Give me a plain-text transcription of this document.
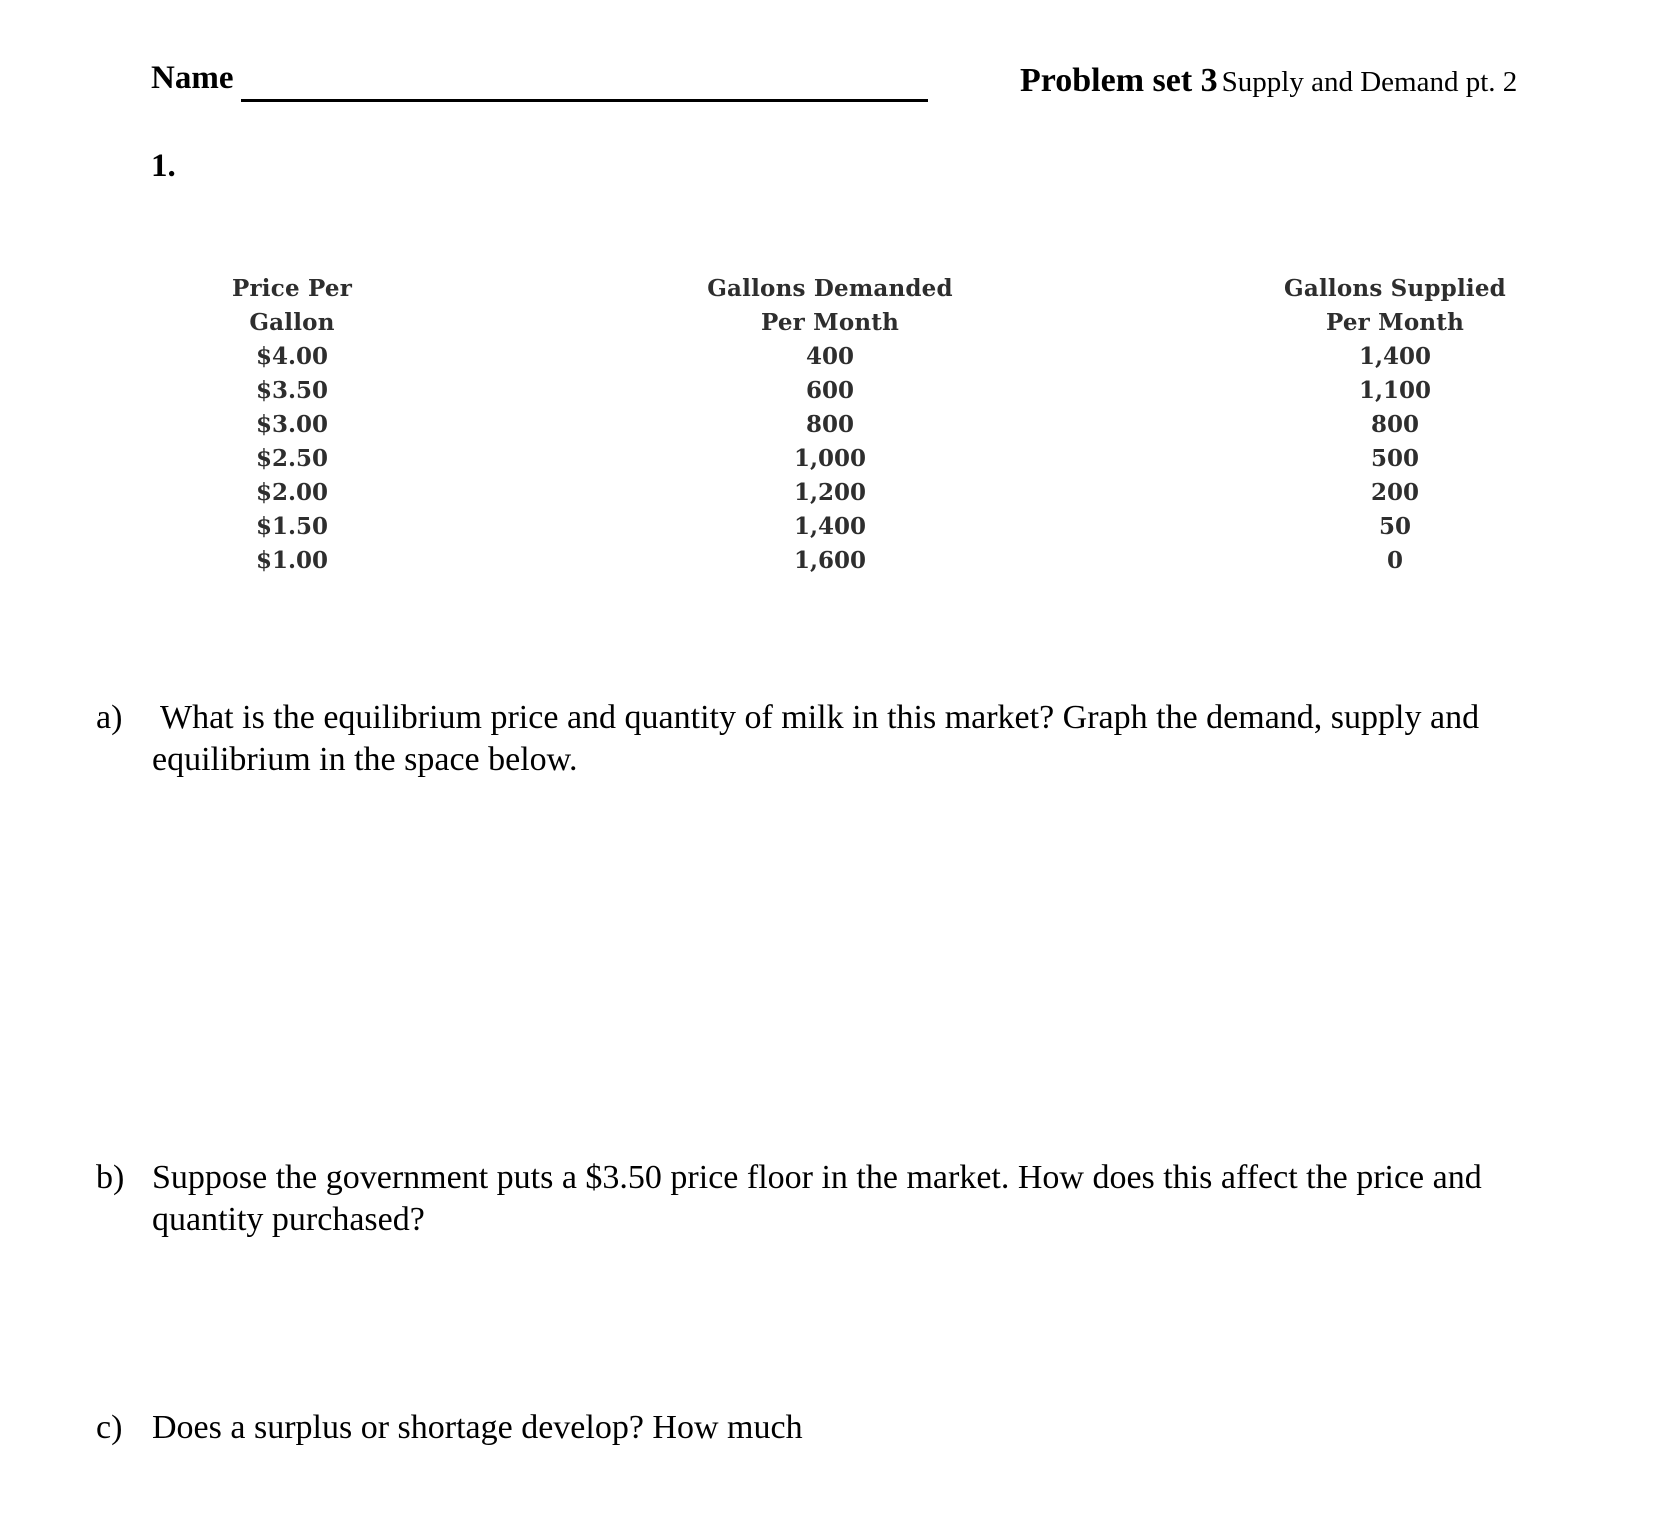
Name	Problem set 3 Supply and Demand pt. 2
1.
Price Per
Gallon
$4.00
$3.50
$3.00
$2.50
$2.00
$1.50
$1.00
Gallons Demanded
Per Month
400
600
800
1,000
1,200
1,400
1,600
Gallons Supplied
Per Month
1,400
1,100
800
500
200
50
0
a) What is the equilibrium price and quantity of milk in this market? Graph the demand, supply and
equilibrium in the space below.
b) Suppose the government puts a $3.50 price floor in the market. How does this affect the price and
quantity purchased?
c) Does a surplus or shortage develop? How much
